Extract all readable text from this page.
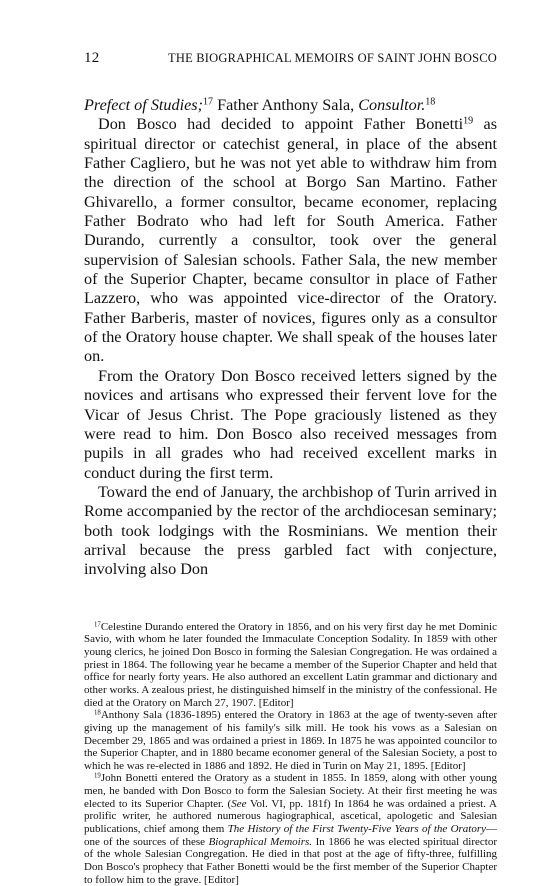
12	THE BIOGRAPHICAL MEMOIRS OF SAINT JOHN BOSCO

Prefect of Studies;$^{17}$ Father Anthony Sala, Consultor.$^{18}$

Don Bosco had decided to appoint Father Bonetti$^{19}$ as spiritual director or catechist general, in place of the absent Father Cagliero, but he was not yet able to withdraw him from the direction of the school at Borgo San Martino. Father Ghivarello, a former consultor, became economer, replacing Father Bodrato who had left for South America. Father Durando, currently a consultor, took over the general supervision of Salesian schools. Father Sala, the new member of the Superior Chapter, became consultor in place of Father Lazzero, who was appointed vice-director of the Oratory. Father Barberis, master of novices, figures only as a consultor of the Oratory house chapter. We shall speak of the houses later on.

From the Oratory Don Bosco received letters signed by the novices and artisans who expressed their fervent love for the Vicar of Jesus Christ. The Pope graciously listened as they were read to him. Don Bosco also received messages from pupils in all grades who had received excellent marks in conduct during the first term.

Toward the end of January, the archbishop of Turin arrived in Rome accompanied by the rector of the archdiocesan seminary; both took lodgings with the Rosminians. We mention their arrival because the press garbled fact with conjecture, involving also Don

$^{17}$Celestine Durando entered the Oratory in 1856, and on his very first day he met Dominic Savio, with whom he later founded the Immaculate Conception Sodality. In 1859 with other young clerics, he joined Don Bosco in forming the Salesian Congregation. He was ordained a priest in 1864. The following year he became a member of the Superior Chapter and held that office for nearly forty years. He also authored an excellent Latin grammar and dictionary and other works. A zealous priest, he distinguished himself in the ministry of the confessional. He died at the Oratory on March 27, 1907. [Editor]

$^{18}$Anthony Sala (1836-1895) entered the Oratory in 1863 at the age of twenty-seven after giving up the management of his family's silk mill. He took his vows as a Salesian on December 29, 1865 and was ordained a priest in 1869. In 1875 he was appointed councilor to the Superior Chapter, and in 1880 became economer general of the Salesian Society, a post to which he was re-elected in 1886 and 1892. He died in Turin on May 21, 1895. [Editor]

$^{19}$John Bonetti entered the Oratory as a student in 1855. In 1859, along with other young men, he banded with Don Bosco to form the Salesian Society. At their first meeting he was elected to its Superior Chapter. (See Vol. VI, pp. 181f) In 1864 he was ordained a priest. A prolific writer, he authored numerous hagiographical, ascetical, apologetic and Salesian publications, chief among them The History of the First Twenty-Five Years of the Oratory—one of the sources of these Biographical Memoirs. In 1866 he was elected spiritual director of the whole Salesian Congregation. He died in that post at the age of fifty-three, fulfilling Don Bosco's prophecy that Father Bonetti would be the first member of the Superior Chapter to follow him to the grave. [Editor]
